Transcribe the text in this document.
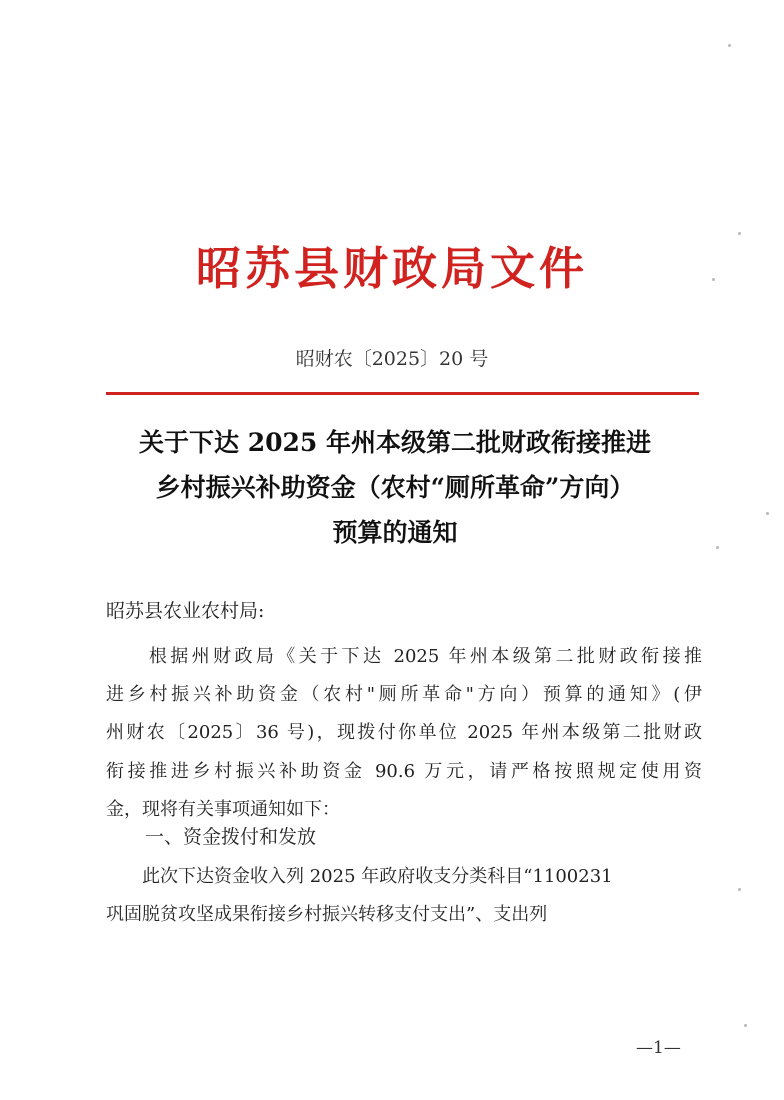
昭苏县财政局文件
昭财农〔2025〕20 号
关于下达 2025 年州本级第二批财政衔接推进
乡村振兴补助资金（农村“厕所革命”方向）
预算的通知
昭苏县农业农村局:
　　根据州财政局《关于下达 2025 年州本级第二批财政衔接推
进乡村振兴补助资金（农村"厕所革命"方向）预算的通知》(伊
州财农〔2025〕36 号)，现拨付你单位 2025 年州本级第二批财政
衔接推进乡村振兴补助资金 90.6 万元，请严格按照规定使用资
金，现将有关事项通知如下：
一、资金拨付和发放
　　此次下达资金收入列 2025 年政府收支分类科目“1100231
巩固脱贫攻坚成果衔接乡村振兴转移支付支出”、支出列
—1—
